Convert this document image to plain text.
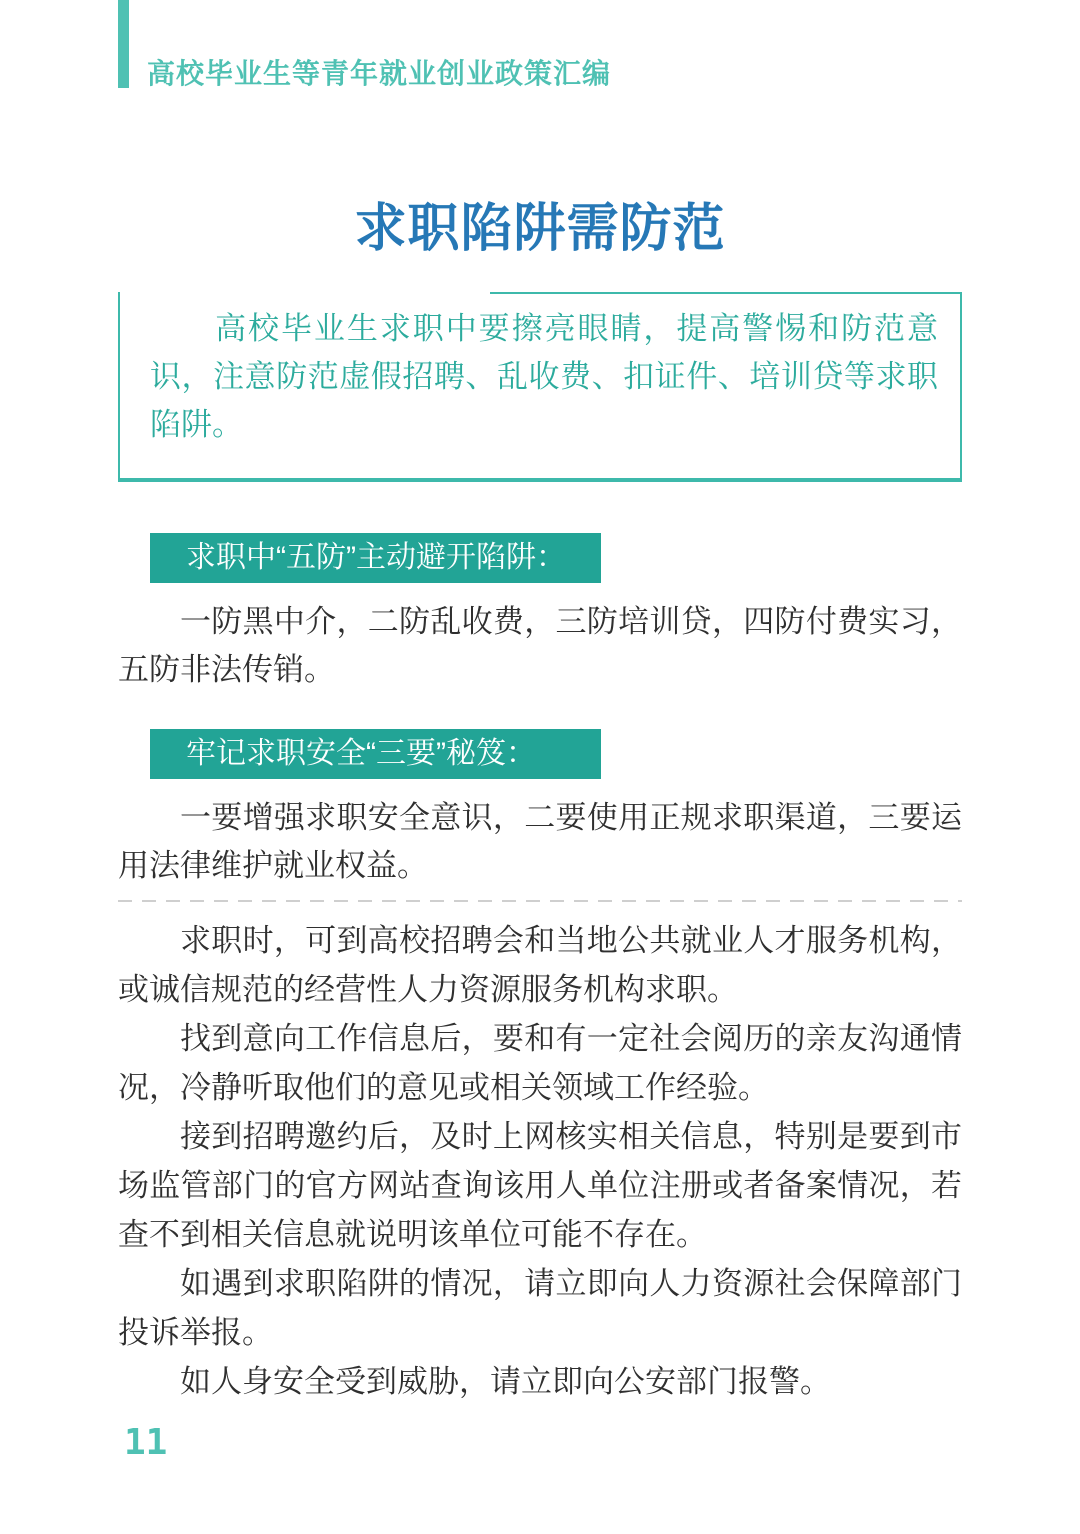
高校毕业生等青年就业创业政策汇编
求职陷阱需防范

高校毕业生求职中要擦亮眼睛，提高警惕和防范意识，注意防范虚假招聘、乱收费、扣证件、培训贷等求职陷阱。

求职中“五防”主动避开陷阱：

一防黑中介，二防乱收费，三防培训贷，四防付费实习，五防非法传销。

牢记求职安全“三要”秘笈：

一要增强求职安全意识，二要使用正规求职渠道，三要运用法律维护就业权益。

求职时，可到高校招聘会和当地公共就业人才服务机构，或诚信规范的经营性人力资源服务机构求职。

找到意向工作信息后，要和有一定社会阅历的亲友沟通情况，冷静听取他们的意见或相关领域工作经验。

接到招聘邀约后，及时上网核实相关信息，特别是要到市场监管部门的官方网站查询该用人单位注册或者备案情况，若查不到相关信息就说明该单位可能不存在。

如遇到求职陷阱的情况，请立即向人力资源社会保障部门投诉举报。

如人身安全受到威胁，请立即向公安部门报警。

11
